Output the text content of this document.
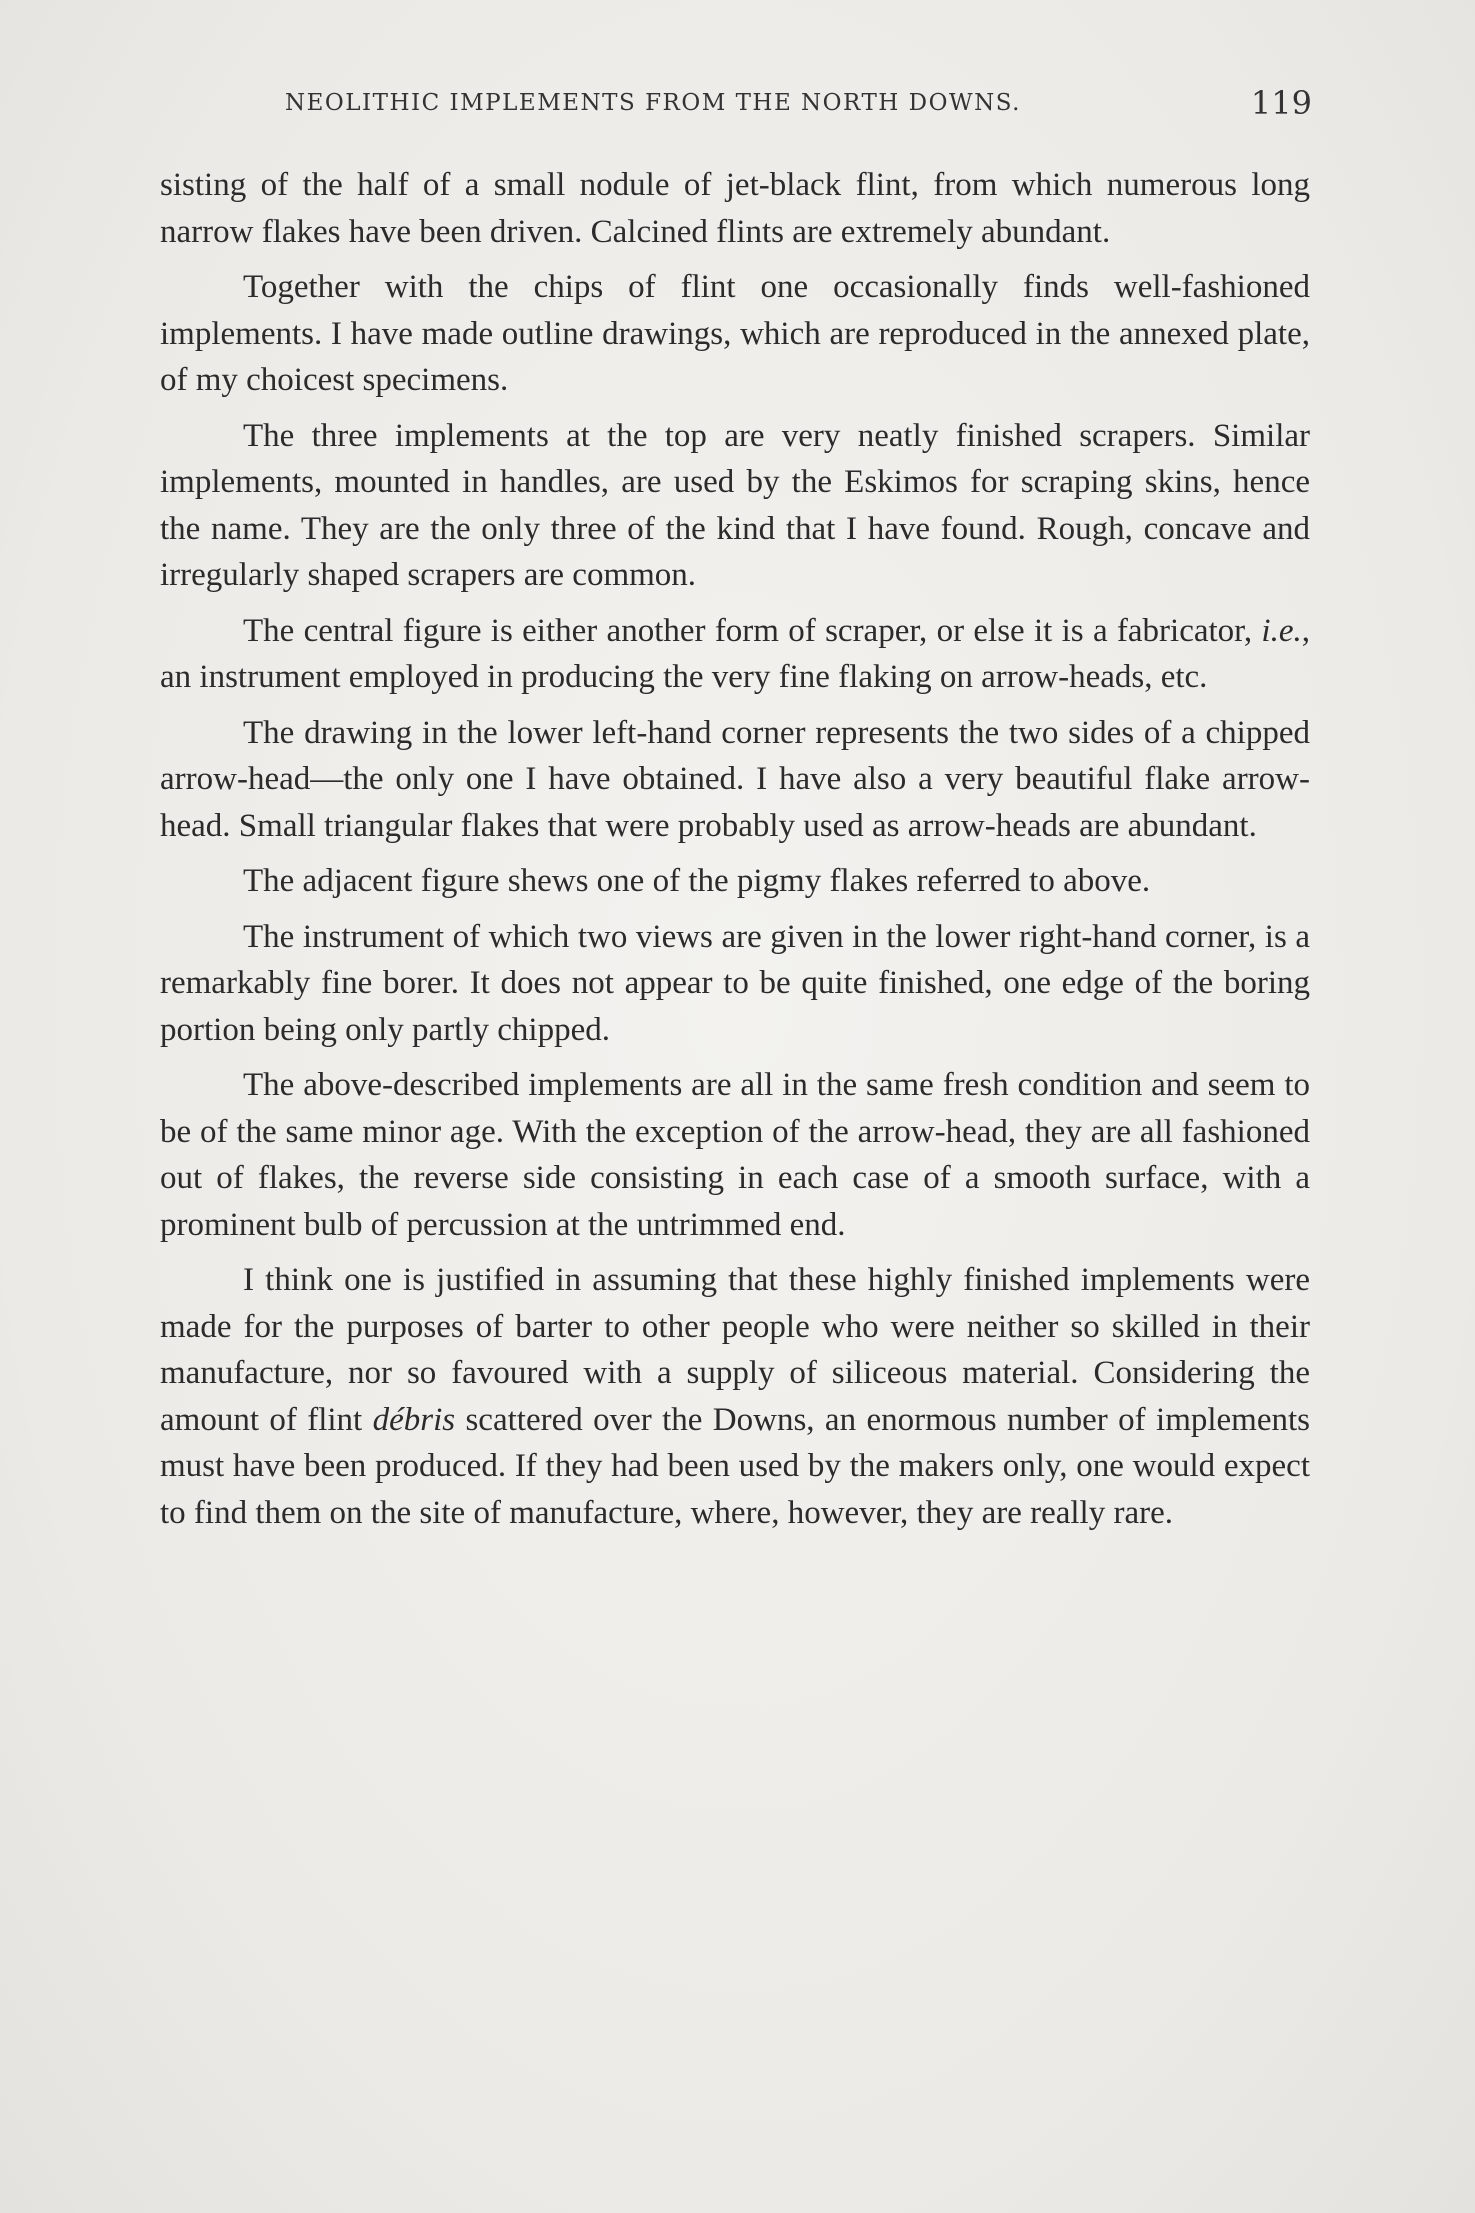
NEOLITHIC IMPLEMENTS FROM THE NORTH DOWNS.	119

sisting of the half of a small nodule of jet-black flint, from which numerous long narrow flakes have been driven. Calcined flints are extremely abundant.

Together with the chips of flint one occasionally finds well-fashioned implements. I have made outline drawings, which are reproduced in the annexed plate, of my choicest specimens.

The three implements at the top are very neatly finished scrapers. Similar implements, mounted in handles, are used by the Eskimos for scraping skins, hence the name. They are the only three of the kind that I have found. Rough, concave and irregularly shaped scrapers are common.

The central figure is either another form of scraper, or else it is a fabricator, i.e., an instrument employed in producing the very fine flaking on arrow-heads, etc.

The drawing in the lower left-hand corner represents the two sides of a chipped arrow-head—the only one I have obtained. I have also a very beautiful flake arrow-head. Small triangular flakes that were probably used as arrow-heads are abundant.

The adjacent figure shews one of the pigmy flakes referred to above.

The instrument of which two views are given in the lower right-hand corner, is a remarkably fine borer. It does not appear to be quite finished, one edge of the boring portion being only partly chipped.

The above-described implements are all in the same fresh condition and seem to be of the same minor age. With the exception of the arrow-head, they are all fashioned out of flakes, the reverse side consisting in each case of a smooth surface, with a prominent bulb of percussion at the untrimmed end.

I think one is justified in assuming that these highly finished implements were made for the purposes of barter to other people who were neither so skilled in their manufacture, nor so favoured with a supply of siliceous material. Considering the amount of flint débris scattered over the Downs, an enormous number of implements must have been produced. If they had been used by the makers only, one would expect to find them on the site of manufacture, where, however, they are really rare.
